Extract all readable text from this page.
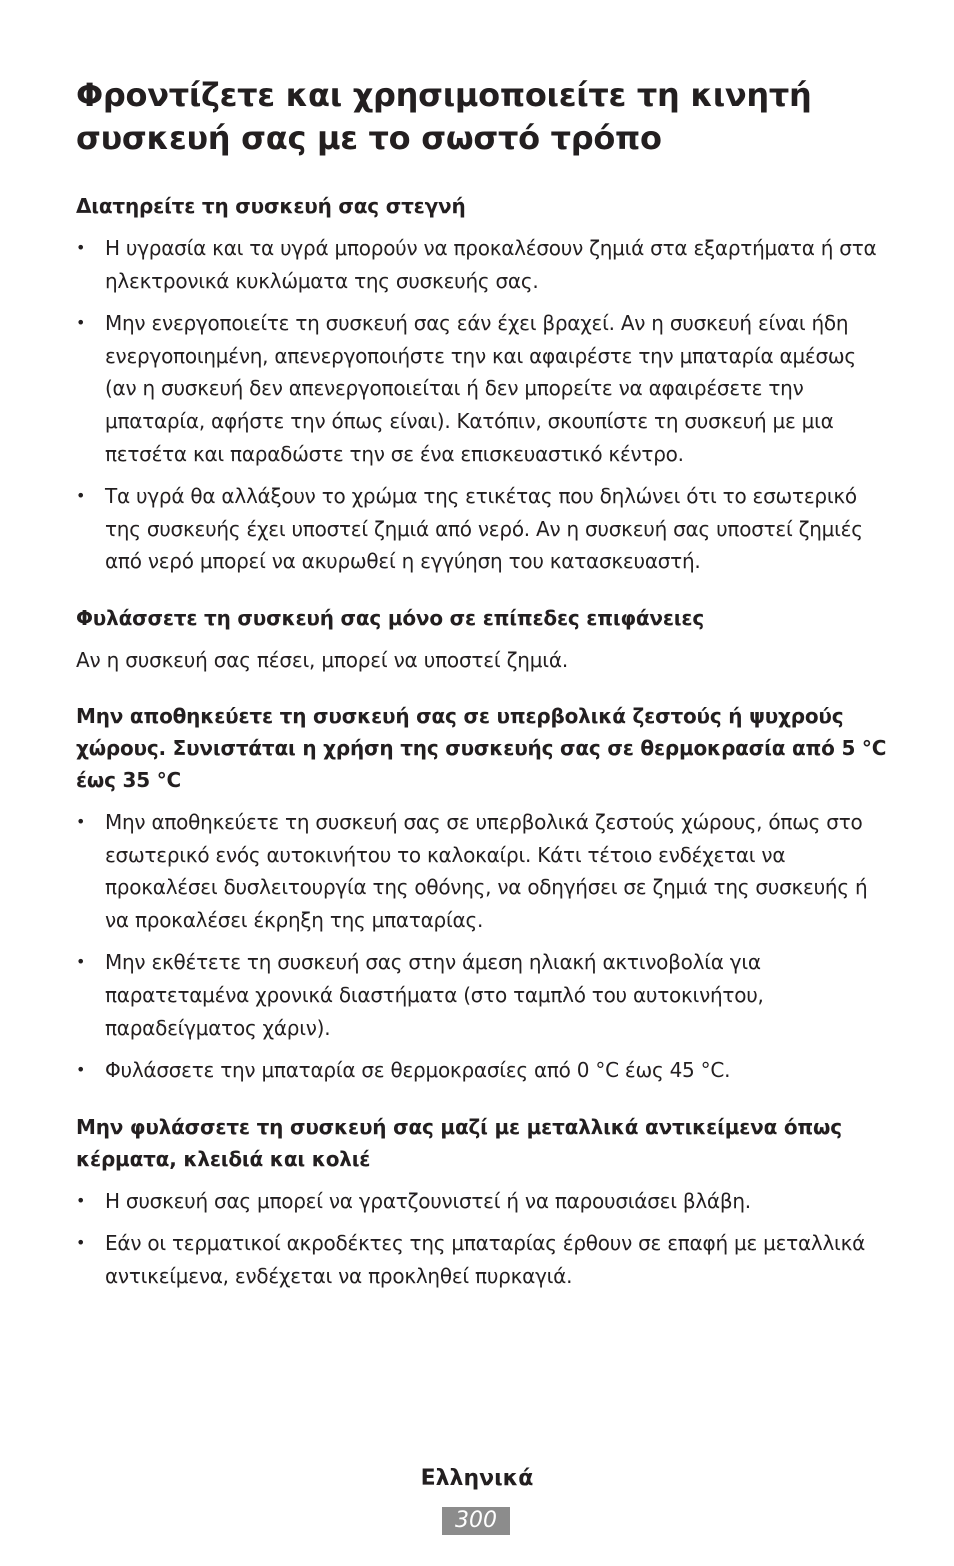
Φροντίζετε και χρησιμοποιείτε τη κινητή συσκευή σας με το σωστό τρόπο
Διατηρείτε τη συσκευή σας στεγνή
• Η υγρασία και τα υγρά μπορούν να προκαλέσουν ζημιά στα εξαρτήματα ή στα ηλεκτρονικά κυκλώματα της συσκευής σας.
• Μην ενεργοποιείτε τη συσκευή σας εάν έχει βραχεί. Αν η συσκευή είναι ήδη ενεργοποιημένη, απενεργοποιήστε την και αφαιρέστε την μπαταρία αμέσως (αν η συσκευή δεν απενεργοποιείται ή δεν μπορείτε να αφαιρέσετε την μπαταρία, αφήστε την όπως είναι). Κατόπιν, σκουπίστε τη συσκευή με μια πετσέτα και παραδώστε την σε ένα επισκευαστικό κέντρο.
• Τα υγρά θα αλλάξουν το χρώμα της ετικέτας που δηλώνει ότι το εσωτερικό της συσκευής έχει υποστεί ζημιά από νερό. Αν η συσκευή σας υποστεί ζημιές από νερό μπορεί να ακυρωθεί η εγγύηση του κατασκευαστή.
Φυλάσσετε τη συσκευή σας μόνο σε επίπεδες επιφάνειες

Αν η συσκευή σας πέσει, μπορεί να υποστεί ζημιά.

Μην αποθηκεύετε τη συσκευή σας σε υπερβολικά ζεστούς ή ψυχρούς χώρους. Συνιστάται η χρήση της συσκευής σας σε θερμοκρασία από 5 °C έως 35 °C
• Μην αποθηκεύετε τη συσκευή σας σε υπερβολικά ζεστούς χώρους, όπως στο εσωτερικό ενός αυτοκινήτου το καλοκαίρι. Κάτι τέτοιο ενδέχεται να προκαλέσει δυσλειτουργία της οθόνης, να οδηγήσει σε ζημιά της συσκευής ή να προκαλέσει έκρηξη της μπαταρίας.
• Μην εκθέτετε τη συσκευή σας στην άμεση ηλιακή ακτινοβολία για παρατεταμένα χρονικά διαστήματα (στο ταμπλό του αυτοκινήτου, παραδείγματος χάριν).
• Φυλάσσετε την μπαταρία σε θερμοκρασίες από 0 °C έως 45 °C.
Μην φυλάσσετε τη συσκευή σας μαζί με μεταλλικά αντικείμενα όπως κέρματα, κλειδιά και κολιέ
• Η συσκευή σας μπορεί να γρατζουνιστεί ή να παρουσιάσει βλάβη.
• Εάν οι τερματικοί ακροδέκτες της μπαταρίας έρθουν σε επαφή με μεταλλικά αντικείμενα, ενδέχεται να προκληθεί πυρκαγιά.
Ελληνικά
300
